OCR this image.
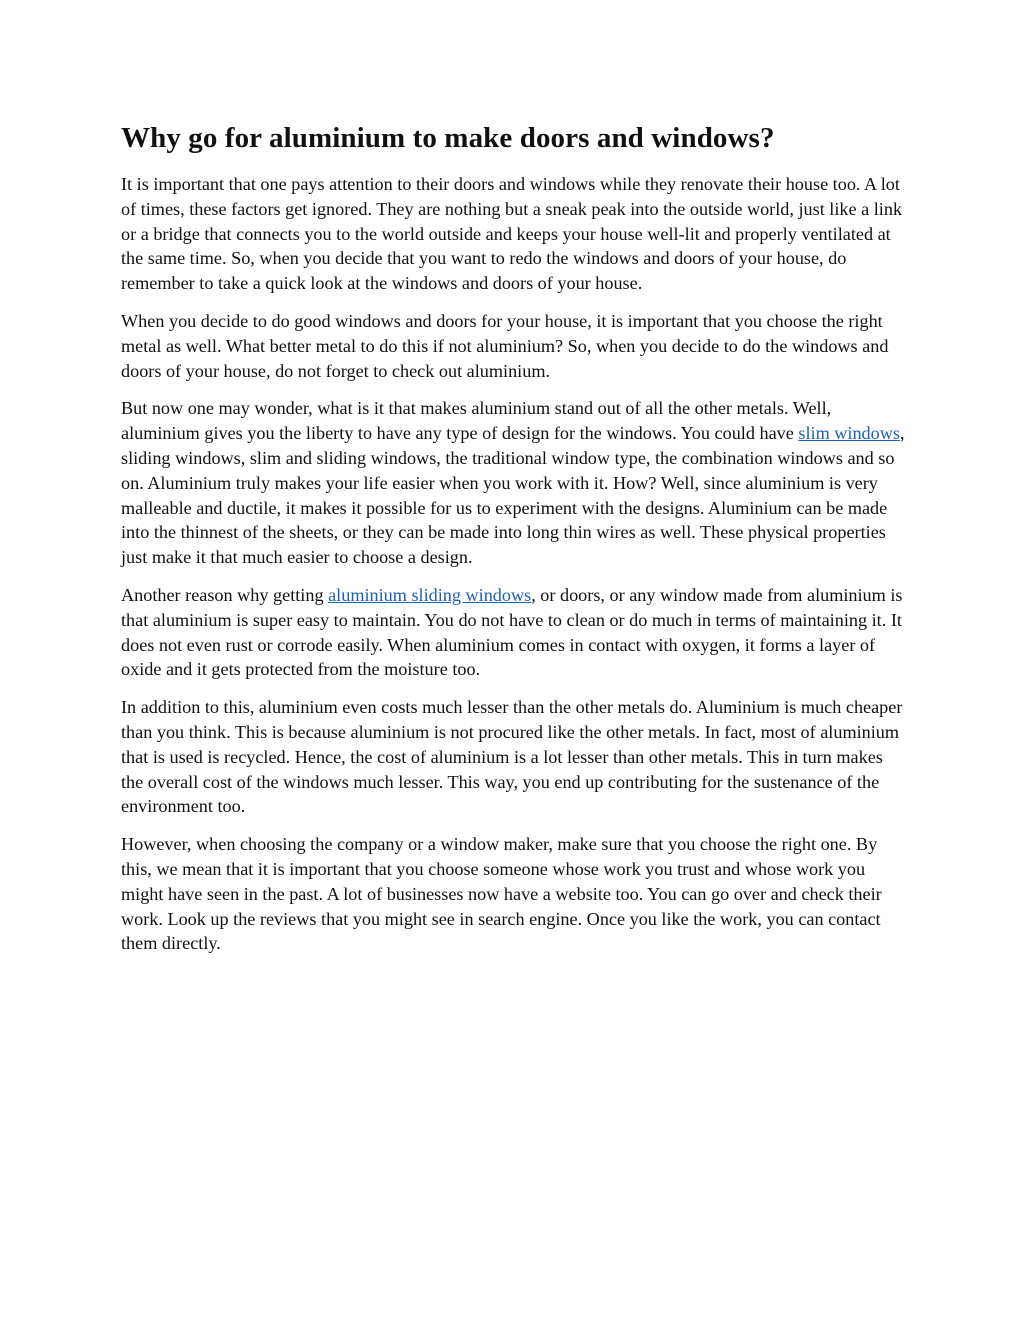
Why go for aluminium to make doors and windows?

It is important that one pays attention to their doors and windows while they renovate their house too. A lot of times, these factors get ignored. They are nothing but a sneak peak into the outside world, just like a link or a bridge that connects you to the world outside and keeps your house well-lit and properly ventilated at the same time. So, when you decide that you want to redo the windows and doors of your house, do remember to take a quick look at the windows and doors of your house.

When you decide to do good windows and doors for your house, it is important that you choose the right metal as well. What better metal to do this if not aluminium? So, when you decide to do the windows and doors of your house, do not forget to check out aluminium.

But now one may wonder, what is it that makes aluminium stand out of all the other metals. Well, aluminium gives you the liberty to have any type of design for the windows. You could have slim windows, sliding windows, slim and sliding windows, the traditional window type, the combination windows and so on. Aluminium truly makes your life easier when you work with it. How? Well, since aluminium is very malleable and ductile, it makes it possible for us to experiment with the designs. Aluminium can be made into the thinnest of the sheets, or they can be made into long thin wires as well. These physical properties just make it that much easier to choose a design.

Another reason why getting aluminium sliding windows, or doors, or any window made from aluminium is that aluminium is super easy to maintain. You do not have to clean or do much in terms of maintaining it. It does not even rust or corrode easily. When aluminium comes in contact with oxygen, it forms a layer of oxide and it gets protected from the moisture too.

In addition to this, aluminium even costs much lesser than the other metals do. Aluminium is much cheaper than you think. This is because aluminium is not procured like the other metals. In fact, most of aluminium that is used is recycled. Hence, the cost of aluminium is a lot lesser than other metals. This in turn makes the overall cost of the windows much lesser. This way, you end up contributing for the sustenance of the environment too.

However, when choosing the company or a window maker, make sure that you choose the right one. By this, we mean that it is important that you choose someone whose work you trust and whose work you might have seen in the past. A lot of businesses now have a website too. You can go over and check their work. Look up the reviews that you might see in search engine. Once you like the work, you can contact them directly.
